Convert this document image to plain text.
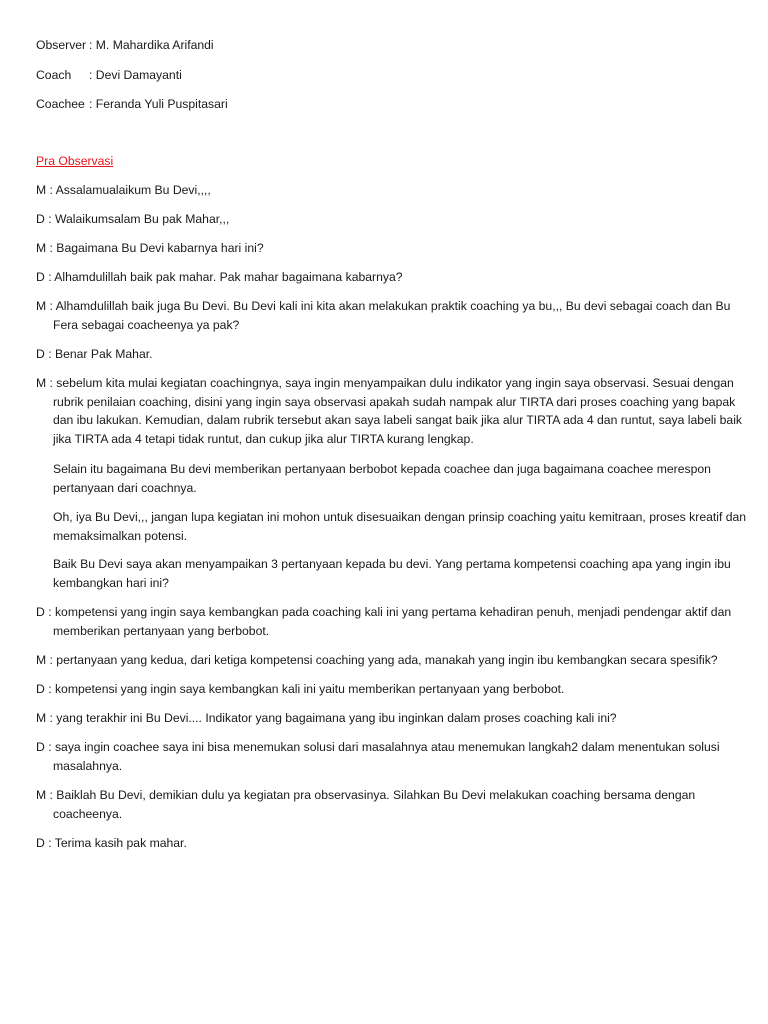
Observer : M. Mahardika Arifandi
Coach : Devi Damayanti
Coachee : Feranda Yuli Puspitasari
Pra Observasi
M : Assalamualaikum Bu Devi,,,,
D : Walaikumsalam Bu pak Mahar,,,
M : Bagaimana Bu Devi kabarnya hari ini?
D : Alhamdulillah baik pak mahar. Pak mahar bagaimana kabarnya?
M : Alhamdulillah baik juga Bu Devi. Bu Devi kali ini kita akan melakukan praktik coaching ya bu,,, Bu devi sebagai coach dan Bu Fera sebagai coacheenya ya pak?
D : Benar Pak Mahar.
M : sebelum kita mulai kegiatan coachingnya, saya ingin menyampaikan dulu indikator yang ingin saya observasi. Sesuai dengan rubrik penilaian coaching, disini yang ingin saya observasi apakah sudah nampak alur TIRTA dari proses coaching yang bapak dan ibu lakukan. Kemudian, dalam rubrik tersebut akan saya labeli sangat baik jika alur TIRTA ada 4 dan runtut, saya labeli baik jika TIRTA ada 4 tetapi tidak runtut, dan cukup jika alur TIRTA kurang lengkap.
Selain itu bagaimana Bu devi memberikan pertanyaan berbobot kepada coachee dan juga bagaimana coachee merespon pertanyaan dari coachnya.
Oh, iya Bu Devi,,, jangan lupa kegiatan ini mohon untuk disesuaikan dengan prinsip coaching yaitu kemitraan, proses kreatif dan memaksimalkan potensi.
Baik Bu Devi saya akan menyampaikan 3 pertanyaan kepada bu devi. Yang pertama kompetensi coaching apa yang ingin ibu kembangkan hari ini?
D : kompetensi yang ingin saya kembangkan pada coaching kali ini yang pertama kehadiran penuh, menjadi pendengar aktif dan memberikan pertanyaan yang berbobot.
M : pertanyaan yang kedua, dari ketiga kompetensi coaching yang ada, manakah yang ingin ibu kembangkan secara spesifik?
D : kompetensi yang ingin saya kembangkan kali ini yaitu memberikan pertanyaan yang berbobot.
M : yang terakhir ini Bu Devi.... Indikator yang bagaimana yang ibu inginkan dalam proses coaching kali ini?
D : saya ingin coachee saya ini bisa menemukan solusi dari masalahnya atau menemukan langkah2 dalam menentukan solusi masalahnya.
M : Baiklah Bu Devi, demikian dulu ya kegiatan pra observasinya. Silahkan Bu Devi melakukan coaching bersama dengan coacheenya.
D : Terima kasih pak mahar.
